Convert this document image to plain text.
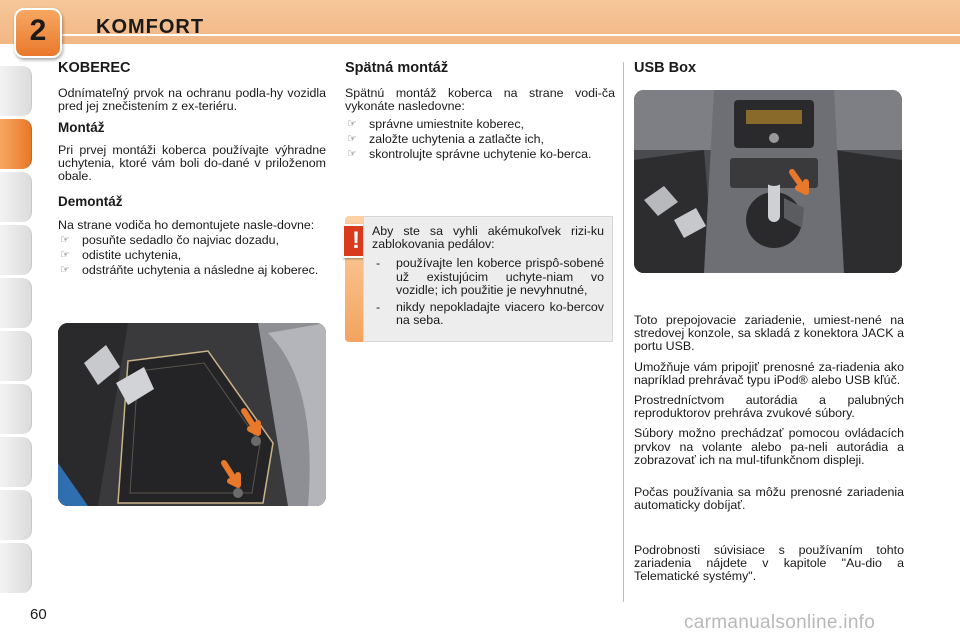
2	KOMFORT
KOBEREC

Odnímateľný prvok na ochranu podla-hy vozidla pred jej znečistením z ex-teriéru.

Montáž

Pri prvej montáži koberca používajte výhradne uchytenia, ktoré vám boli do-dané v priloženom obale.

Demontáž

Na strane vodiča ho demontujete nasle-dovne:

☞ posuňte sedadlo čo najviac dozadu,
☞ odistite uchytenia,
☞ odstráňte uchytenia a následne aj koberec.
Spätná montáž

Spätnú montáž koberca na strane vodi-ča vykonáte nasledovne:

☞ správne umiestnite koberec,
☞ založte uchytenia a zatlačte ich,
☞ skontrolujte správne uchytenie ko-berca.
! Aby ste sa vyhli akémukoľvek rizi-ku zablokovania pedálov:

- používajte len koberce prispô-sobené už existujúcim uchyte-niam vo vozidle; ich použitie je nevyhnutné,
- nikdy nepokladajte viacero ko-bercov na seba.
USB Box

Toto prepojovacie zariadenie, umiest-nené na stredovej konzole, sa skladá z konektora JACK a portu USB.

Umožňuje vám pripojiť prenosné za-riadenia ako napríklad prehrávač typu iPod® alebo USB kľúč.

Prostredníctvom autorádia a palubných reproduktorov prehráva zvukové súbory.

Súbory možno prechádzať pomocou ovládacích prvkov na volante alebo pa-neli autorádia a zobrazovať ich na mul-tifunkčnom displeji.

Počas používania sa môžu prenosné zariadenia automaticky dobíjať.

Podrobnosti súvisiace s používaním tohto zariadenia nájdete v kapitole "Au-dio a Telematické systémy".

60	carmanualsonline.info
